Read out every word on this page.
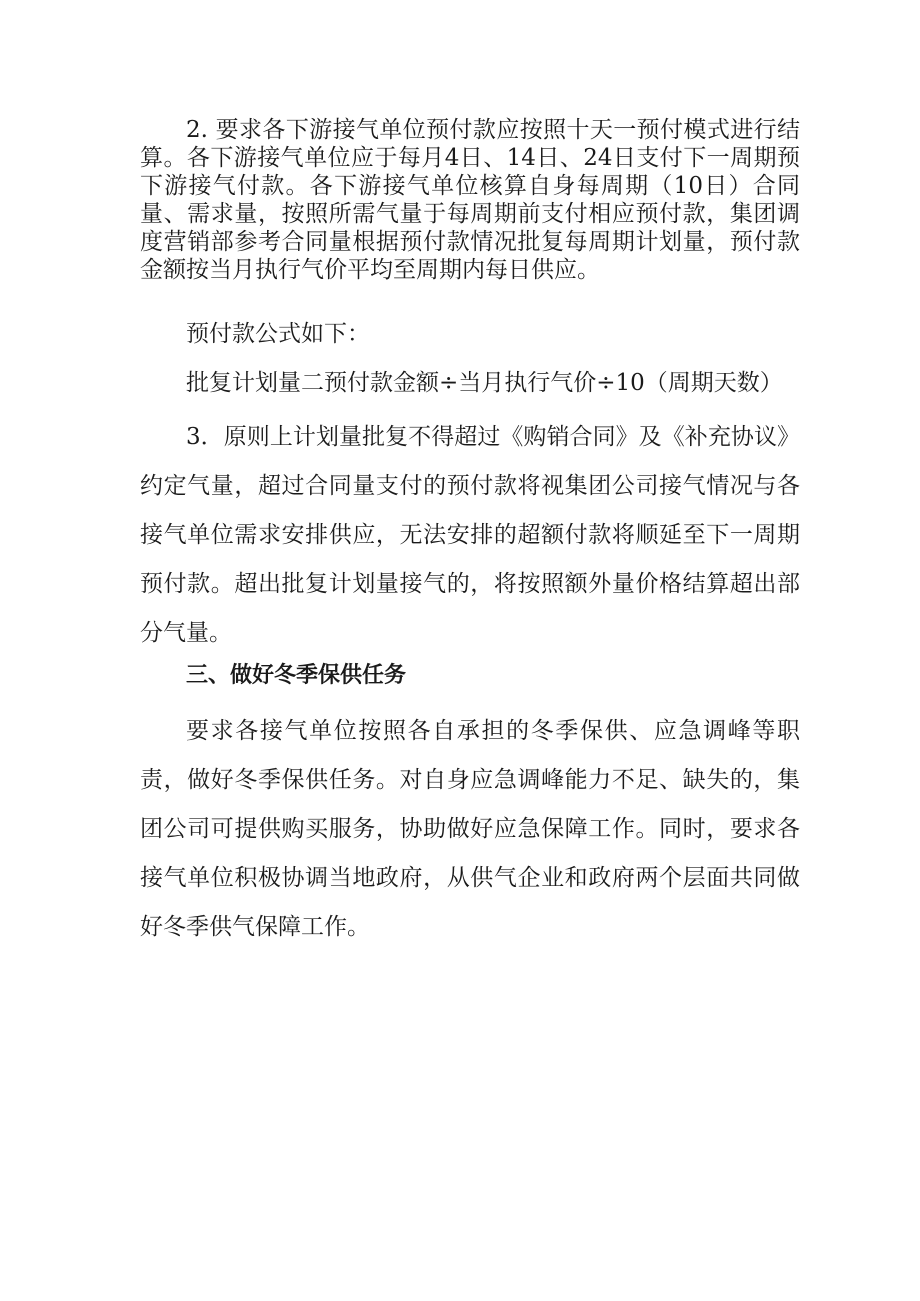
2. 要求各下游接气单位预付款应按照十天一预付模式进行结算。各下游接气单位应于每月4日、14日、24日支付下一周期预下游接气付款。各下游接气单位核算自身每周期（10日）合同量、需求量，按照所需气量于每周期前支付相应预付款，集团调度营销部参考合同量根据预付款情况批复每周期计划量，预付款金额按当月执行气价平均至周期内每日供应。

预付款公式如下：

批复计划量二预付款金额÷当月执行气价÷10（周期天数）

3．原则上计划量批复不得超过《购销合同》及《补充协议》约定气量，超过合同量支付的预付款将视集团公司接气情况与各接气单位需求安排供应，无法安排的超额付款将顺延至下一周期预付款。超出批复计划量接气的，将按照额外量价格结算超出部分气量。

三、做好冬季保供任务

要求各接气单位按照各自承担的冬季保供、应急调峰等职责，做好冬季保供任务。对自身应急调峰能力不足、缺失的，集团公司可提供购买服务，协助做好应急保障工作。同时，要求各接气单位积极协调当地政府，从供气企业和政府两个层面共同做好冬季供气保障工作。
